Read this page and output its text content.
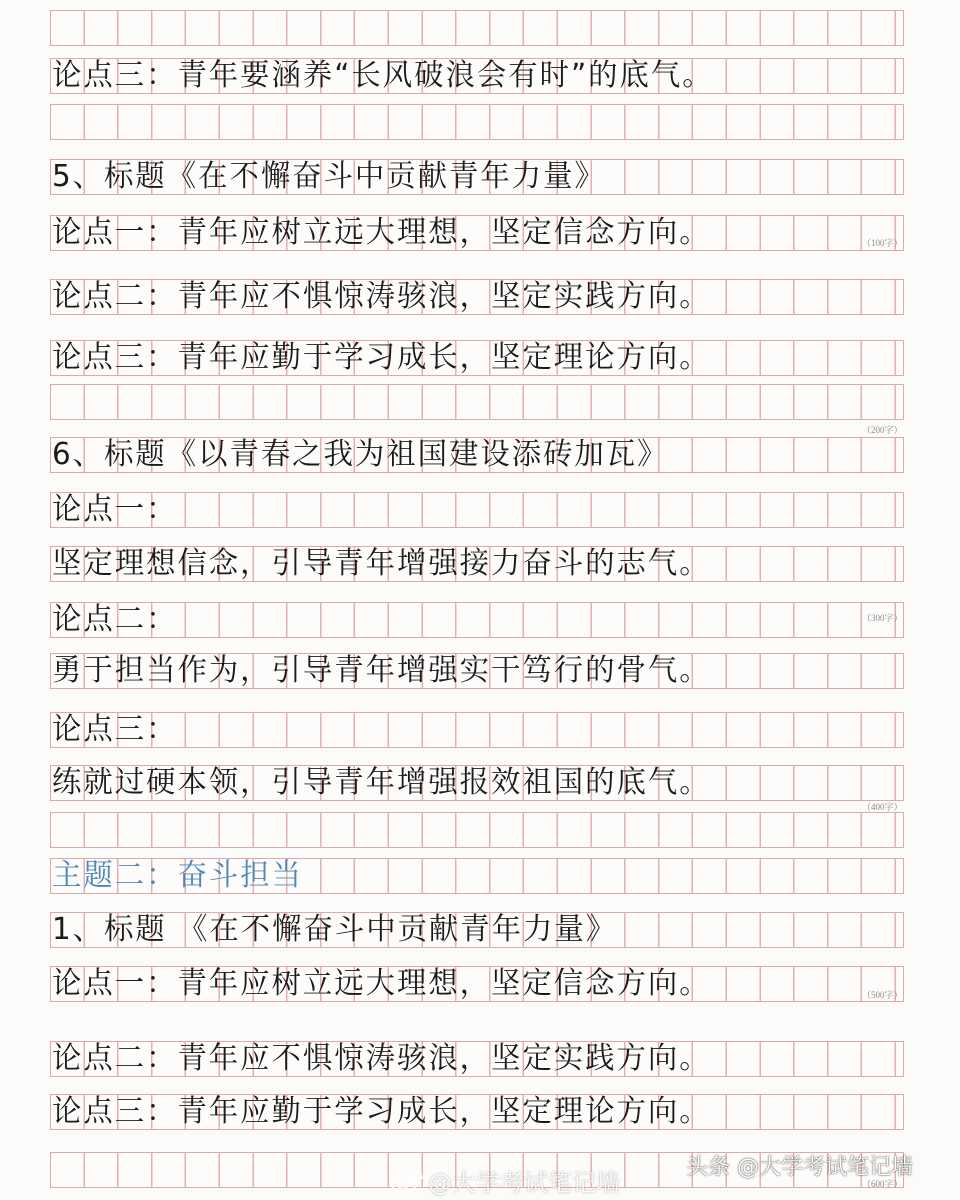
论点三：青年要涵养“长风破浪会有时”的底气。
5、标题《在不懈奋斗中贡献青年力量》
论点一：青年应树立远大理想，坚定信念方向。
论点二：青年应不惧惊涛骇浪，坚定实践方向。
论点三：青年应勤于学习成长，坚定理论方向。
6、标题《以青春之我为祖国建设添砖加瓦》
论点一：
坚定理想信念，引导青年增强接力奋斗的志气。
论点二：
勇于担当作为，引导青年增强实干笃行的骨气。
论点三：
练就过硬本领，引导青年增强报效祖国的底气。
主题二：奋斗担当
1、标题 《在不懈奋斗中贡献青年力量》
论点一：青年应树立远大理想，坚定信念方向。
论点二：青年应不惧惊涛骇浪，坚定实践方向。
论点三：青年应勤于学习成长，坚定理论方向。
（100字）
（200字）
（300字）
（400字）
（500字）
（600字）
@大学考试笔记墙
头条 @大学考试笔记墙
